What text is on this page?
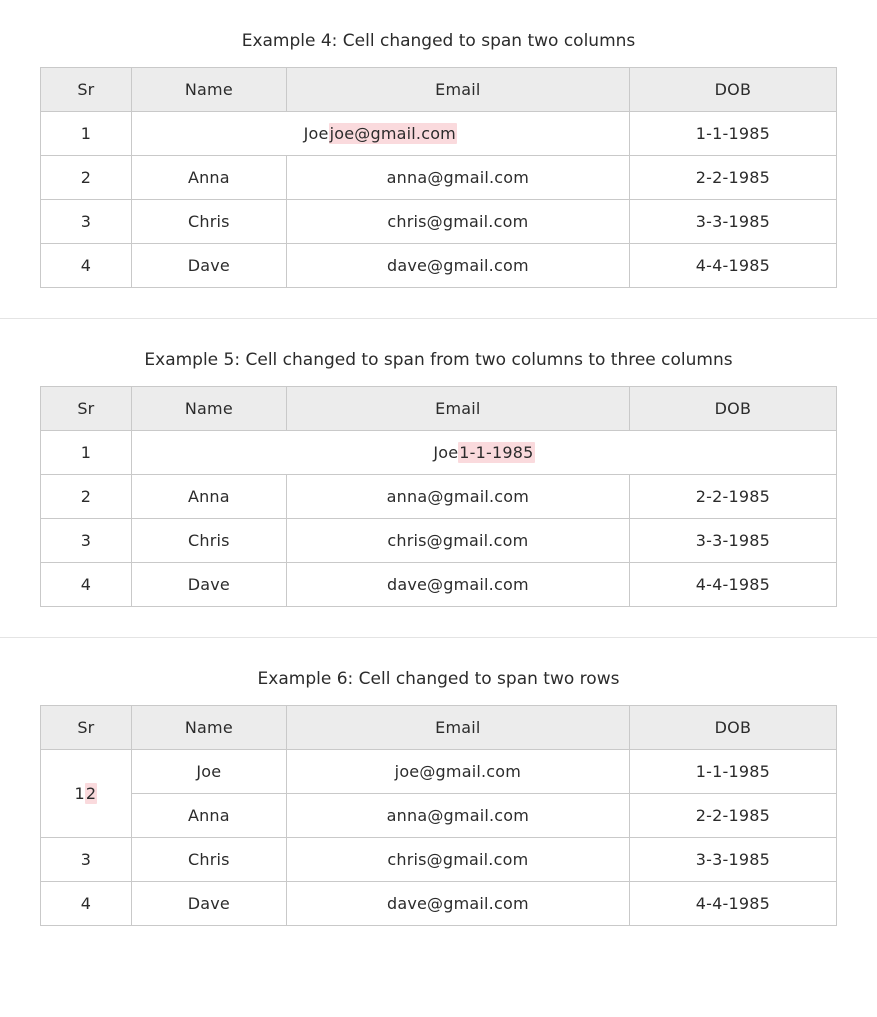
Example 4: Cell changed to span two columns
Sr	Name	Email	DOB
1	Joejoe@gmail.com		1-1-1985
2	Anna	anna@gmail.com	2-2-1985
3	Chris	chris@gmail.com	3-3-1985
4	Dave	dave@gmail.com	4-4-1985
Example 5: Cell changed to span from two columns to three columns
Sr	Name	Email	DOB
1	Joe1-1-1985		
2	Anna	anna@gmail.com	2-2-1985
3	Chris	chris@gmail.com	3-3-1985
4	Dave	dave@gmail.com	4-4-1985
Example 6: Cell changed to span two rows
Sr	Name	Email	DOB
12	Joe	joe@gmail.com	1-1-1985
	Anna	anna@gmail.com	2-2-1985
3	Chris	chris@gmail.com	3-3-1985
4	Dave	dave@gmail.com	4-4-1985
